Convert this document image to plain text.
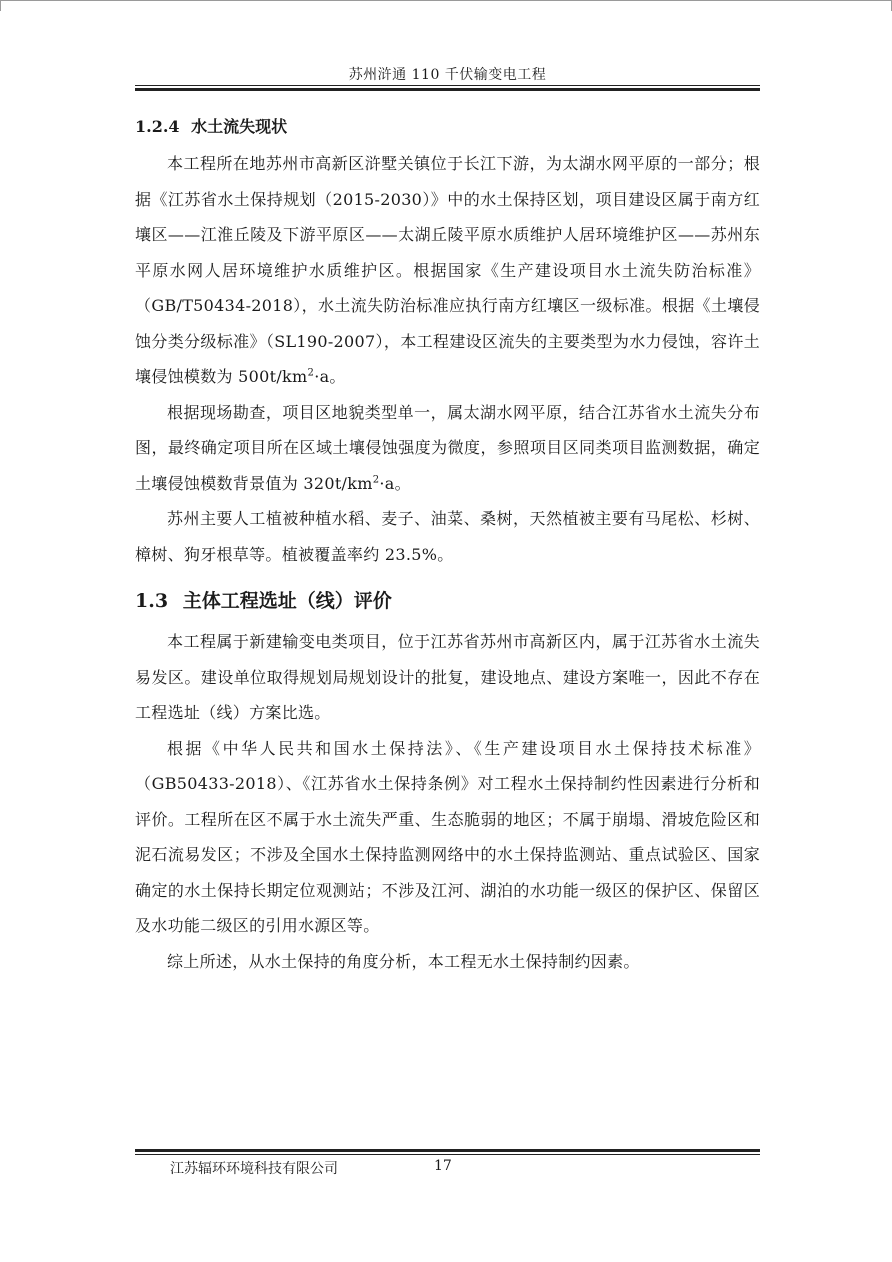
苏州浒通 110 千伏输变电工程
1.2.4 水土流失现状

本工程所在地苏州市高新区浒墅关镇位于长江下游，为太湖水网平原的一部分；根据《江苏省水土保持规划（2015-2030）》中的水土保持区划，项目建设区属于南方红壤区——江淮丘陵及下游平原区——太湖丘陵平原水质维护人居环境维护区——苏州东平原水网人居环境维护水质维护区。根据国家《生产建设项目水土流失防治标准》（GB/T50434-2018），水土流失防治标准应执行南方红壤区一级标准。根据《土壤侵蚀分类分级标准》（SL190-2007），本工程建设区流失的主要类型为水力侵蚀，容许土壤侵蚀模数为 $500t/km^2\cdot a$。

根据现场勘查，项目区地貌类型单一，属太湖水网平原，结合江苏省水土流失分布图，最终确定项目所在区域土壤侵蚀强度为微度，参照项目区同类项目监测数据，确定土壤侵蚀模数背景值为 $320t/km^2\cdot a$。

苏州主要人工植被种植水稻、麦子、油菜、桑树，天然植被主要有马尾松、杉树、樟树、狗牙根草等。植被覆盖率约 23.5%。

1.3 主体工程选址（线）评价

本工程属于新建输变电类项目，位于江苏省苏州市高新区内，属于江苏省水土流失易发区。建设单位取得规划局规划设计的批复，建设地点、建设方案唯一，因此不存在工程选址（线）方案比选。

根据《中华人民共和国水土保持法》、《生产建设项目水土保持技术标准》（GB50433-2018）、《江苏省水土保持条例》对工程水土保持制约性因素进行分析和评价。工程所在区不属于水土流失严重、生态脆弱的地区；不属于崩塌、滑坡危险区和泥石流易发区；不涉及全国水土保持监测网络中的水土保持监测站、重点试验区、国家确定的水土保持长期定位观测站；不涉及江河、湖泊的水功能一级区的保护区、保留区及水功能二级区的引用水源区等。

综上所述，从水土保持的角度分析，本工程无水土保持制约因素。

江苏辐环环境科技有限公司	17
